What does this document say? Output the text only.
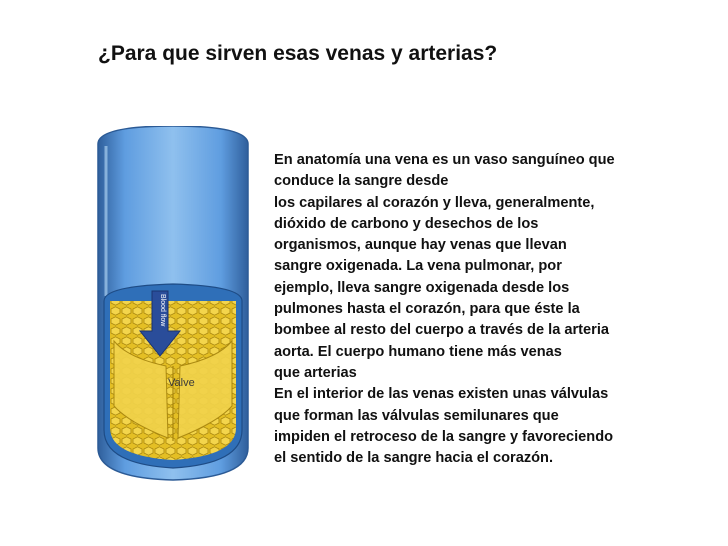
¿Para que sirven esas venas y arterias?
Blood flow
Valve
En anatomía una vena es un vaso sanguíneo que
conduce la sangre desde
los capilares al corazón y lleva, generalmente,
dióxido de carbono y desechos de los
organismos, aunque hay venas que llevan
sangre oxigenada. La vena pulmonar, por
ejemplo, lleva sangre oxigenada desde los
pulmones hasta el corazón, para que éste la
bombee al resto del cuerpo a través de la arteria
aorta. El cuerpo humano tiene más venas
que arterias
En el interior de las venas existen unas válvulas
que forman las válvulas semilunares que
impiden el retroceso de la sangre y favoreciendo
el sentido de la sangre hacia el corazón.
